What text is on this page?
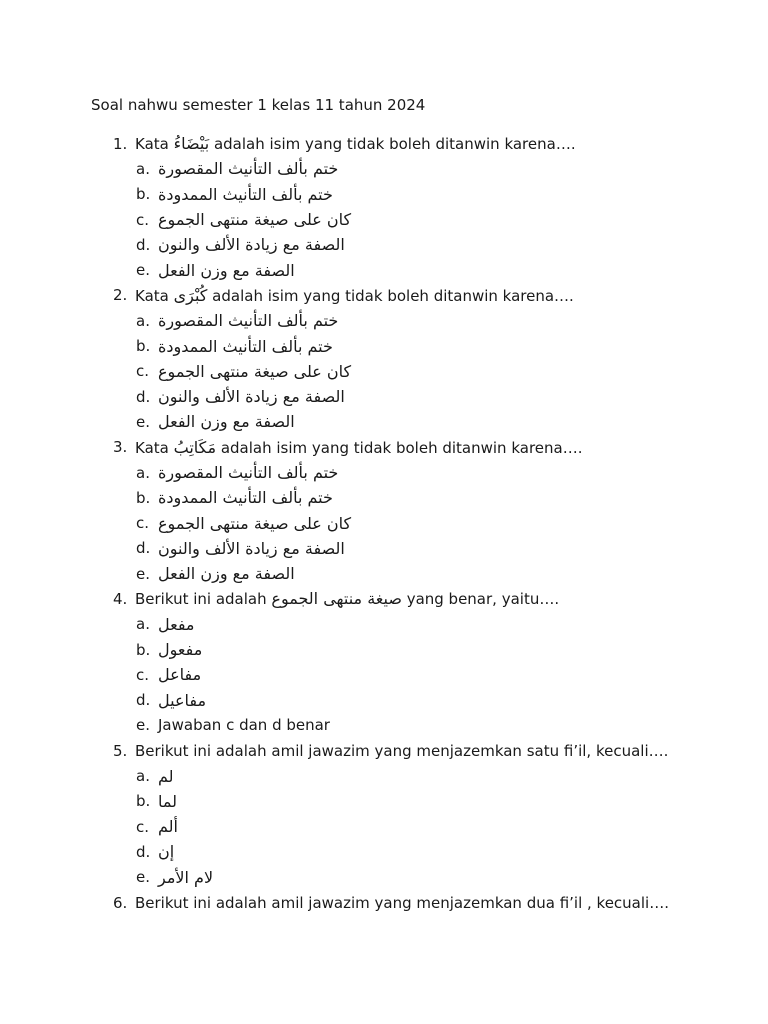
Soal nahwu semester 1 kelas 11 tahun 2024
1. Kata بَيْضَاءُ adalah isim yang tidak boleh ditanwin karena….
a. ختم بألف التأنيث المقصورة
b. ختم بألف التأنيث الممدودة
c. كان على صيغة منتهى الجموع
d. الصفة مع زيادة الألف والنون
e. الصفة مع وزن الفعل
2. Kata كُبْرَى adalah isim yang tidak boleh ditanwin karena….
a. ختم بألف التأنيث المقصورة
b. ختم بألف التأنيث الممدودة
c. كان على صيغة منتهى الجموع
d. الصفة مع زيادة الألف والنون
e. الصفة مع وزن الفعل
3. Kata مَكَاتِبُ adalah isim yang tidak boleh ditanwin karena….
a. ختم بألف التأنيث المقصورة
b. ختم بألف التأنيث الممدودة
c. كان على صيغة منتهى الجموع
d. الصفة مع زيادة الألف والنون
e. الصفة مع وزن الفعل
4. Berikut ini adalah صيغة منتهى الجموع yang benar, yaitu….
a. مفعل
b. مفعول
c. مفاعل
d. مفاعيل
e. Jawaban c dan d benar
5. Berikut ini adalah amil jawazim yang menjazemkan satu fi’il, kecuali….
a. لم
b. لما
c. ألم
d. إن
e. لام الأمر
6. Berikut ini adalah amil jawazim yang menjazemkan dua fi’il , kecuali….
